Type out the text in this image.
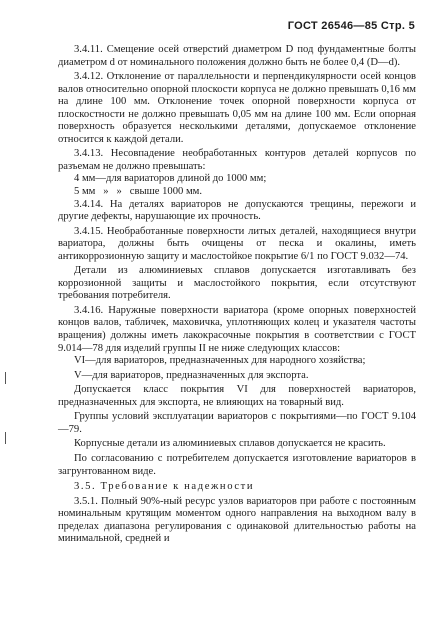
ГОСТ 26546—85 Стр. 5

3.4.11. Смещение осей отверстий диаметром D под фундаментные болты диаметром d от номинального положения должно быть не более 0,4 (D—d).

3.4.12. Отклонение от параллельности и перпендикулярности осей концов валов относительно опорной плоскости корпуса не должно превышать 0,16 мм на длине 100 мм. Отклонение точек опорной поверхности корпуса от плоскостности не должно превышать 0,05 мм на длине 100 мм. Если опорная поверхность образуется несколькими деталями, допускаемое отклонение относится к каждой детали.

3.4.13. Несовпадение необработанных контуров деталей корпусов по разъемам не должно превышать:

4 мм—для вариаторов длиной до 1000 мм;

5 мм   »   »   свыше 1000 мм.

3.4.14. На деталях вариаторов не допускаются трещины, пережоги и другие дефекты, нарушающие их прочность.

3.4.15. Необработанные поверхности литых деталей, находящиеся внутри вариатора, должны быть очищены от песка и окалины, иметь антикоррозионную защиту и маслостойкое покрытие 6/1 по ГОСТ 9.032—74.

Детали из алюминиевых сплавов допускается изготавливать без коррозионной защиты и маслостойкого покрытия, если отсутствуют требования потребителя.

3.4.16. Наружные поверхности вариатора (кроме опорных поверхностей концов валов, табличек, маховичка, уплотняющих колец и указателя частоты вращения) должны иметь лакокрасочные покрытия в соответствии с ГОСТ 9.014—78 для изделий группы II не ниже следующих классов:

VI—для вариаторов, предназначенных для народного хозяйства;

V—для вариаторов, предназначенных для экспорта.

Допускается класс покрытия VI для поверхностей вариаторов, предназначенных для экспорта, не влияющих на товарный вид.

Группы условий эксплуатации вариаторов с покрытиями—по ГОСТ 9.104—79.

Корпусные детали из алюминиевых сплавов допускается не красить.

По согласованию с потребителем допускается изготовление вариаторов в загрунтованном виде.

3.5. Требование к надежности

3.5.1. Полный 90%-ный ресурс узлов вариаторов при работе с постоянным номинальным крутящим моментом одного направления на выходном валу в пределах диапазона регулирования с одинаковой длительностью работы на минимальной, средней и
